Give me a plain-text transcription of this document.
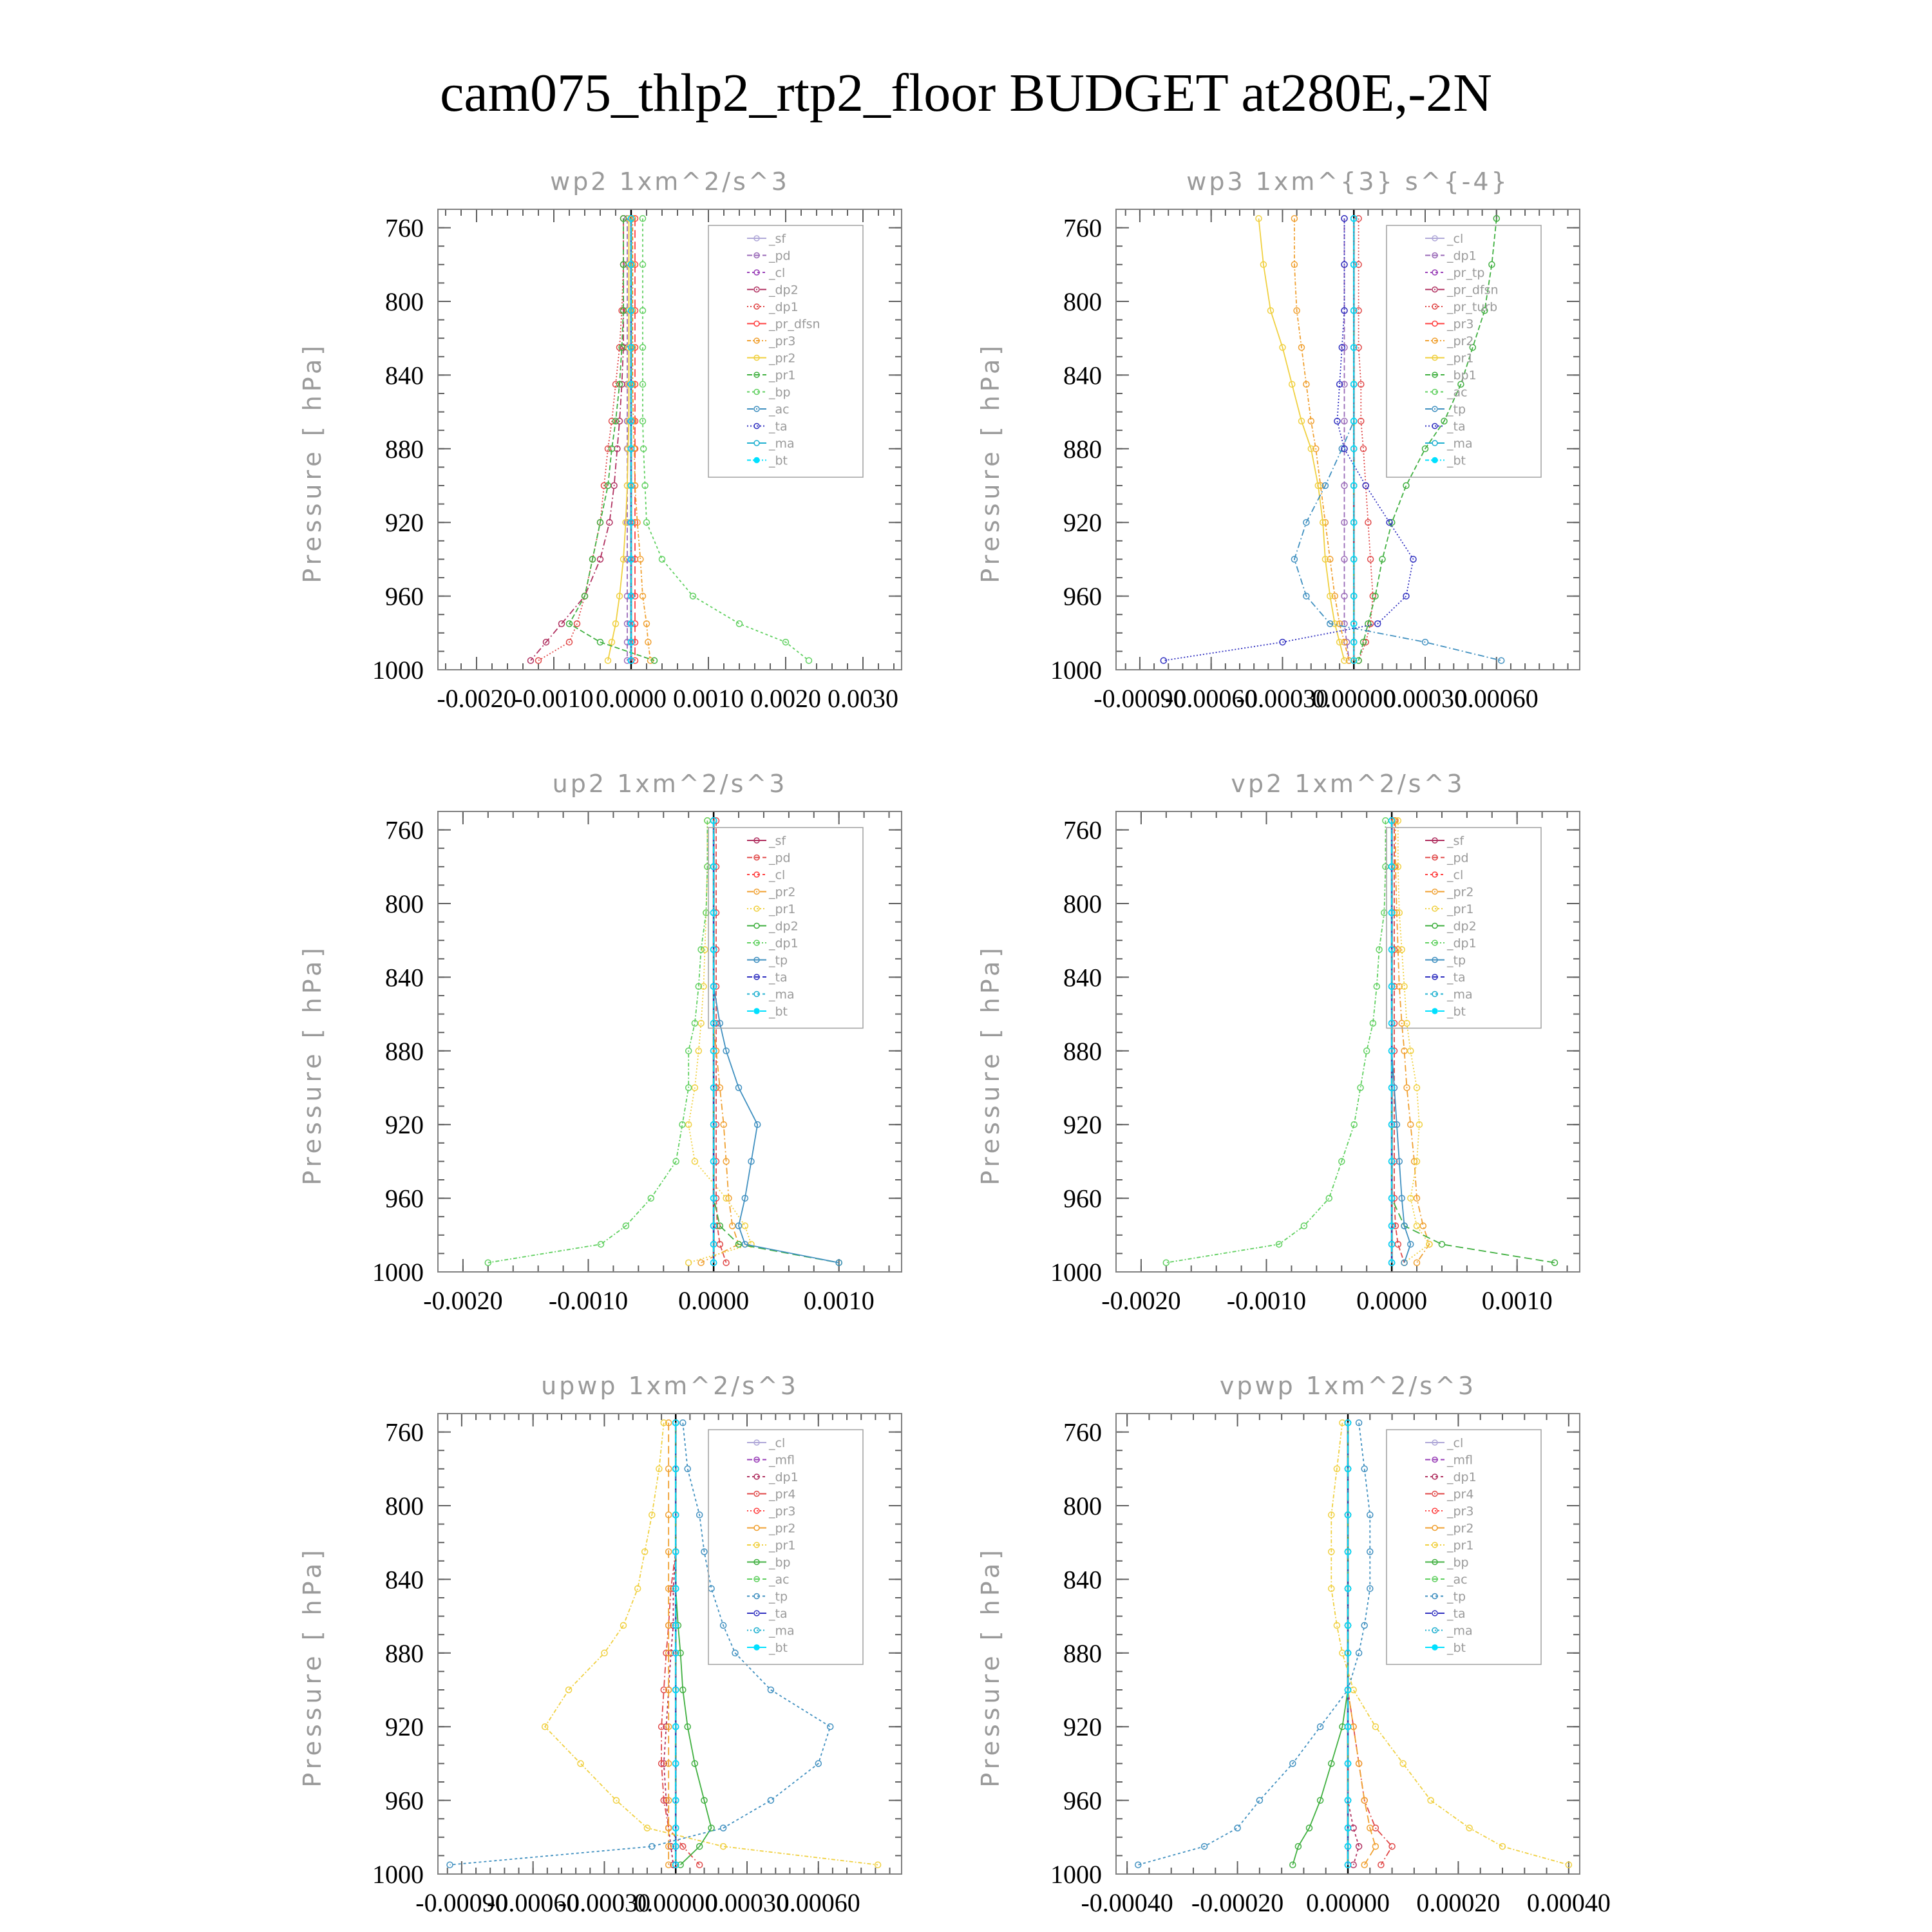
cam075_thlp2_rtp2_floor BUDGET at280E,-2N
wp2 1xm^2/s^3
Pressure [ hPa]
-0.0020
-0.0010 0.0000 0.0010 0.0020 0.0030
760
800
840
880
920
960
1000
_sf
_pd
_cl
_dp2
_dp1
_pr_dfsn
_pr3
_pr2
_pr1
_bp
_ac
_ta
_ma
_bt
wp3 1xm^{3} s^{-4}
Pressure [ hPa]
-0.00090
-0.00060
-0.00030
0.00000
0.00030
0.00060
760
800
840
880
920
960
1000
_cl
_dp1
_pr_tp
_pr_dfsn
_pr_turb
_pr3
_pr2
_pr1
_bp1
_ac
_tp
_ta
_ma
_bt
up2 1xm^2/s^3
Pressure [ hPa]
-0.0020 -0.0010 0.0000 0.0010
760
800
840
880
920
960
1000
_sf
_pd
_cl
_pr2
_pr1
_dp2
_dp1
_tp
_ta
_ma
_bt
vp2 1xm^2/s^3
Pressure [ hPa]
-0.0020 -0.0010 0.0000 0.0010
760
800
840
880
920
960
1000
_sf
_pd
_cl
_pr2
_pr1
_dp2
_dp1
_tp
_ta
_ma
_bt
upwp 1xm^2/s^3
Pressure [ hPa]
-0.00090
-0.00060
-0.00030
0.00000
0.00030
0.00060
760
800
840
880
920
960
1000
_cl
_mfl
_dp1
_pr4
_pr3
_pr2
_pr1
_bp
_ac
_tp
_ta
_ma
_bt
vpwp 1xm^2/s^3
Pressure [ hPa]
-0.00040 -0.00020 0.00000 0.00020 0.00040
760
800
840
880
920
960
1000
_cl
_mfl
_dp1
_pr4
_pr3
_pr2
_pr1
_bp
_ac
_tp
_ta
_ma
_bt
